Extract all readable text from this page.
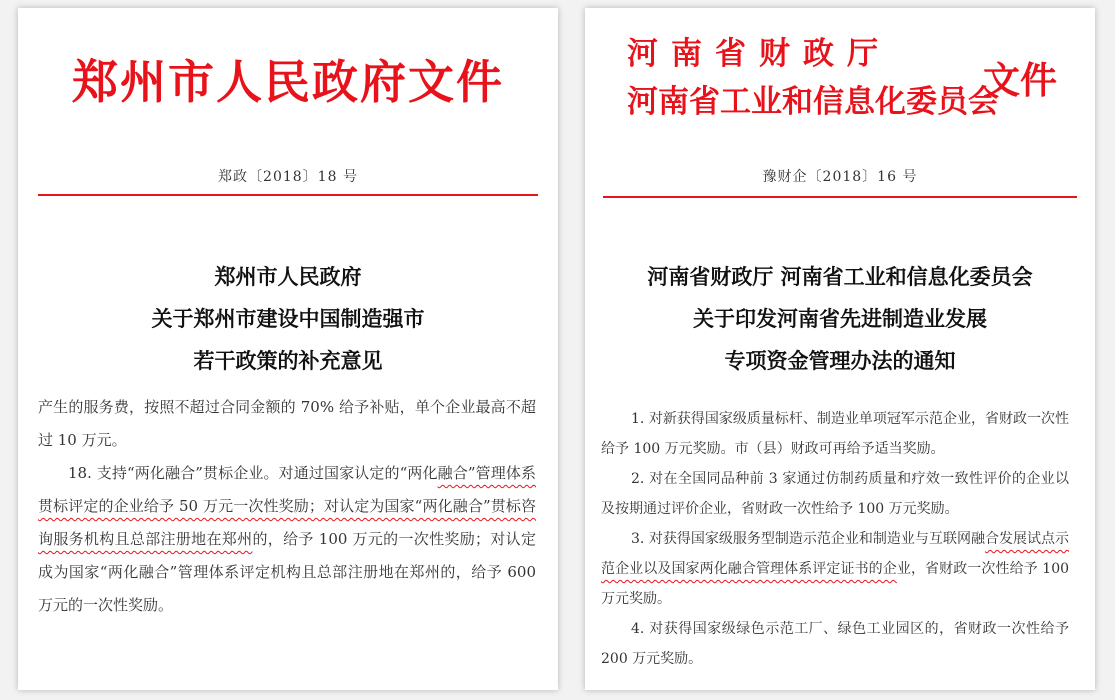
郑州市人民政府文件
郑政〔2018〕18 号
郑州市人民政府
关于郑州市建设中国制造强市
若干政策的补充意见

产生的服务费，按照不超过合同金额的 70% 给予补贴，单个企业最高不超过 10 万元。

18. 支持“两化融合”贯标企业。对通过国家认定的“两化融合”管理体系贯标评定的企业给予 50 万元一次性奖励；对认定为国家“两化融合”贯标咨询服务机构且总部注册地在郑州的，给予 100 万元的一次性奖励；对认定成为国家“两化融合”管理体系评定机构且总部注册地在郑州的，给予 600 万元的一次性奖励。

河南省财政厅
河南省工业和信息化委员会
文件
豫财企〔2018〕16 号
河南省财政厅 河南省工业和信息化委员会
关于印发河南省先进制造业发展
专项资金管理办法的通知

1. 对新获得国家级质量标杆、制造业单项冠军示范企业，省财政一次性给予 100 万元奖励。市（县）财政可再给予适当奖励。

2. 对在全国同品种前 3 家通过仿制药质量和疗效一致性评价的企业以及按期通过评价企业，省财政一次性给予 100 万元奖励。

3. 对获得国家级服务型制造示范企业和制造业与互联网融合发展试点示范企业以及国家两化融合管理体系评定证书的企业，省财政一次性给予 100 万元奖励。

4. 对获得国家级绿色示范工厂、绿色工业园区的，省财政一次性给予 200 万元奖励。
